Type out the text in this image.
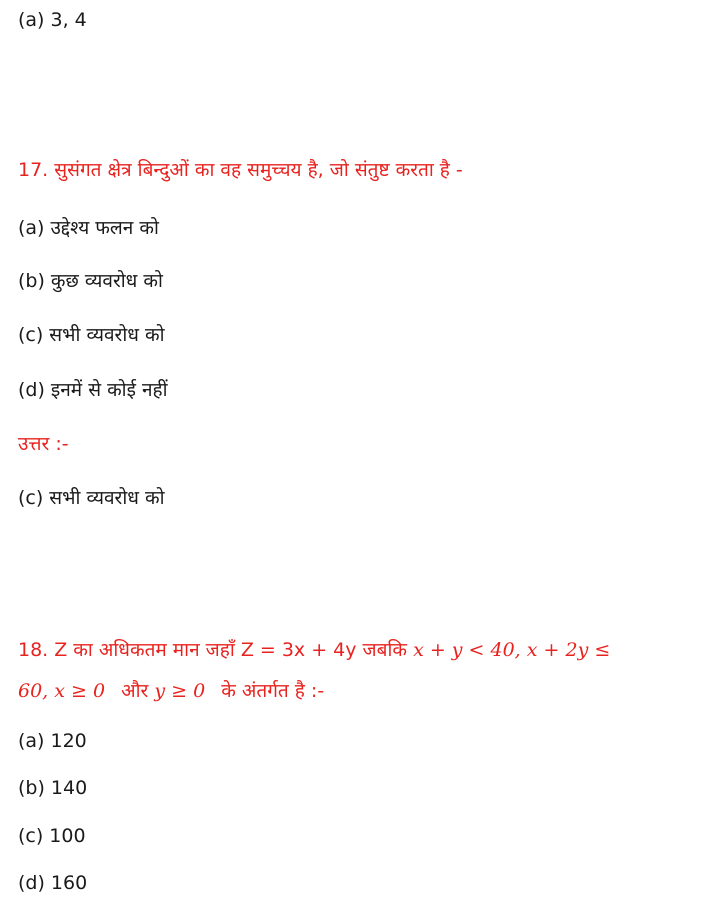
(a) 3, 4
17. सुसंगत क्षेत्र बिन्दुओं का वह समुच्चय है, जो संतुष्ट करता है -
(a) उद्देश्य फलन को
(b) कुछ व्यवरोध को
(c) सभी व्यवरोध को
(d) इनमें से कोई नहीं
उत्तर :-
(c) सभी व्यवरोध को
18. Z का अधिकतम मान जहाँ Z = 3x + 4y जबकि x + y < 40, x + 2y ≤
60, x ≥ 0 और y ≥ 0 के अंतर्गत है :-
(a) 120
(b) 140
(c) 100
(d) 160
